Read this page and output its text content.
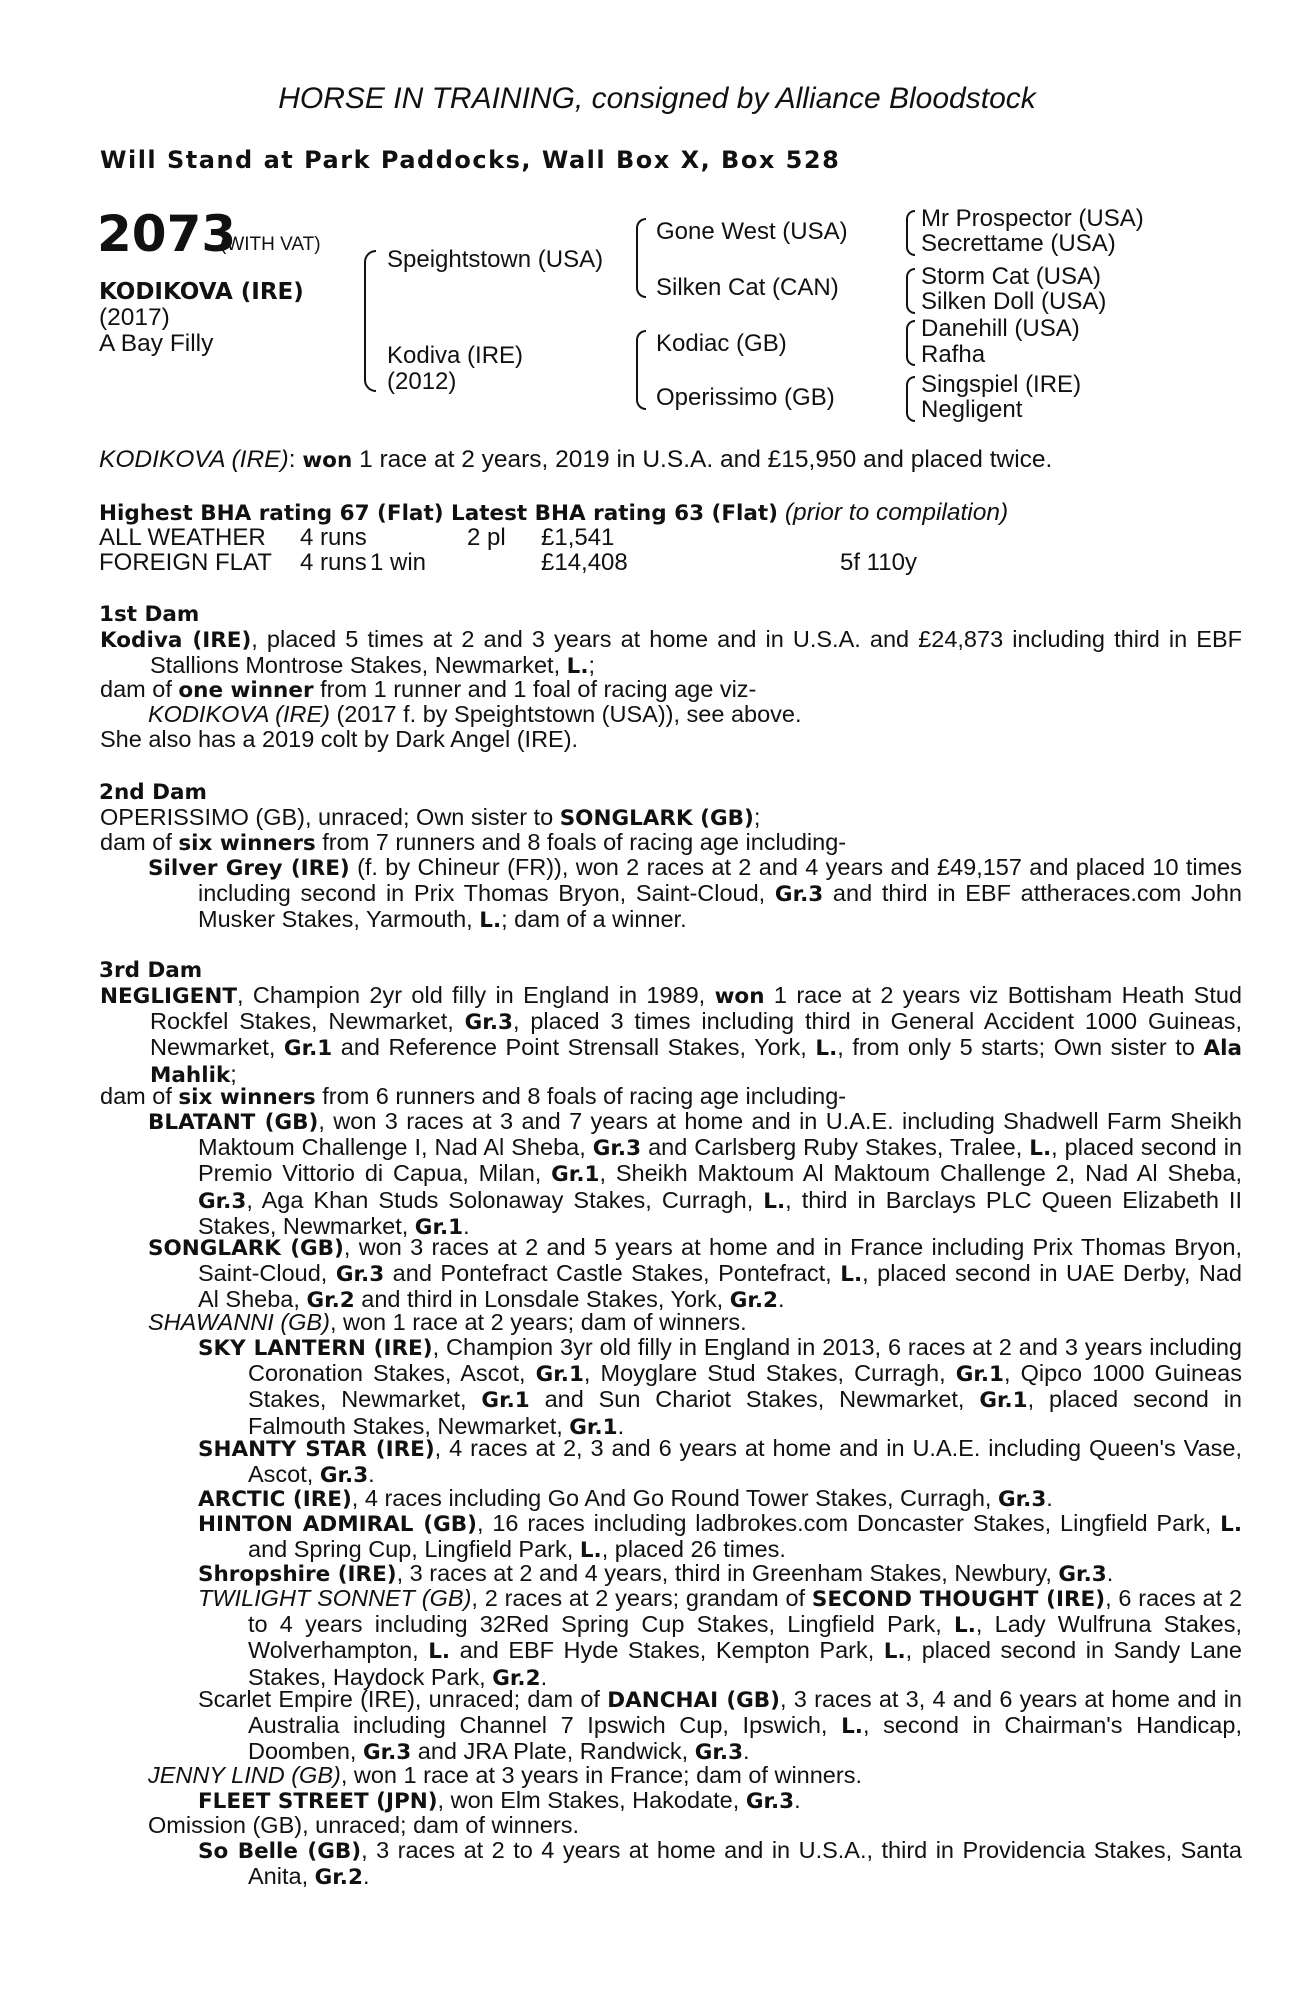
HORSE IN TRAINING, consigned by Alliance Bloodstock
Will Stand at Park Paddocks, Wall Box X, Box 528
2073
(WITH VAT)
KODIKOVA (IRE)
(2017)
A Bay Filly
Speightstown (USA)
Kodiva (IRE)
(2012)
Gone West (USA)
Silken Cat (CAN)
Kodiac (GB)
Operissimo (GB)
Mr Prospector (USA)
Secrettame (USA)
Storm Cat (USA)
Silken Doll (USA)
Danehill (USA)
Rafha
Singspiel (IRE)
Negligent
KODIKOVA (IRE): won 1 race at 2 years, 2019 in U.S.A. and £15,950 and placed twice.
Highest BHA rating 67 (Flat) Latest BHA rating 63 (Flat) (prior to compilation)
ALL WEATHER 4 runs	2 pl £1,541
FOREIGN FLAT 4 runs 1 win	£14,408	5f 110y
1st Dam
Kodiva (IRE), placed 5 times at 2 and 3 years at home and in U.S.A. and £24,873 including third in EBF Stallions Montrose Stakes, Newmarket, L.;
dam of one winner from 1 runner and 1 foal of racing age viz-
KODIKOVA (IRE) (2017 f. by Speightstown (USA)), see above.
She also has a 2019 colt by Dark Angel (IRE).
2nd Dam
OPERISSIMO (GB), unraced; Own sister to SONGLARK (GB);
dam of six winners from 7 runners and 8 foals of racing age including-
Silver Grey (IRE) (f. by Chineur (FR)), won 2 races at 2 and 4 years and £49,157 and placed 10 times including second in Prix Thomas Bryon, Saint-Cloud, Gr.3 and third in EBF attheraces.com John Musker Stakes, Yarmouth, L.; dam of a winner.
3rd Dam
NEGLIGENT, Champion 2yr old filly in England in 1989, won 1 race at 2 years viz Bottisham Heath Stud Rockfel Stakes, Newmarket, Gr.3, placed 3 times including third in General Accident 1000 Guineas, Newmarket, Gr.1 and Reference Point Strensall Stakes, York, L., from only 5 starts; Own sister to Ala Mahlik;
dam of six winners from 6 runners and 8 foals of racing age including-
BLATANT (GB), won 3 races at 3 and 7 years at home and in U.A.E. including Shadwell Farm Sheikh Maktoum Challenge I, Nad Al Sheba, Gr.3 and Carlsberg Ruby Stakes, Tralee, L., placed second in Premio Vittorio di Capua, Milan, Gr.1, Sheikh Maktoum Al Maktoum Challenge 2, Nad Al Sheba, Gr.3, Aga Khan Studs Solonaway Stakes, Curragh, L., third in Barclays PLC Queen Elizabeth II Stakes, Newmarket, Gr.1.
SONGLARK (GB), won 3 races at 2 and 5 years at home and in France including Prix Thomas Bryon, Saint-Cloud, Gr.3 and Pontefract Castle Stakes, Pontefract, L., placed second in UAE Derby, Nad Al Sheba, Gr.2 and third in Lonsdale Stakes, York, Gr.2.
SHAWANNI (GB), won 1 race at 2 years; dam of winners.
SKY LANTERN (IRE), Champion 3yr old filly in England in 2013, 6 races at 2 and 3 years including Coronation Stakes, Ascot, Gr.1, Moyglare Stud Stakes, Curragh, Gr.1, Qipco 1000 Guineas Stakes, Newmarket, Gr.1 and Sun Chariot Stakes, Newmarket, Gr.1, placed second in Falmouth Stakes, Newmarket, Gr.1.
SHANTY STAR (IRE), 4 races at 2, 3 and 6 years at home and in U.A.E. including Queen's Vase, Ascot, Gr.3.
ARCTIC (IRE), 4 races including Go And Go Round Tower Stakes, Curragh, Gr.3.
HINTON ADMIRAL (GB), 16 races including ladbrokes.com Doncaster Stakes, Lingfield Park, L. and Spring Cup, Lingfield Park, L., placed 26 times.
Shropshire (IRE), 3 races at 2 and 4 years, third in Greenham Stakes, Newbury, Gr.3.
TWILIGHT SONNET (GB), 2 races at 2 years; grandam of SECOND THOUGHT (IRE), 6 races at 2 to 4 years including 32Red Spring Cup Stakes, Lingfield Park, L., Lady Wulfruna Stakes, Wolverhampton, L. and EBF Hyde Stakes, Kempton Park, L., placed second in Sandy Lane Stakes, Haydock Park, Gr.2.
Scarlet Empire (IRE), unraced; dam of DANCHAI (GB), 3 races at 3, 4 and 6 years at home and in Australia including Channel 7 Ipswich Cup, Ipswich, L., second in Chairman's Handicap, Doomben, Gr.3 and JRA Plate, Randwick, Gr.3.
JENNY LIND (GB), won 1 race at 3 years in France; dam of winners.
FLEET STREET (JPN), won Elm Stakes, Hakodate, Gr.3.
Omission (GB), unraced; dam of winners.
So Belle (GB), 3 races at 2 to 4 years at home and in U.S.A., third in Providencia Stakes, Santa Anita, Gr.2.
